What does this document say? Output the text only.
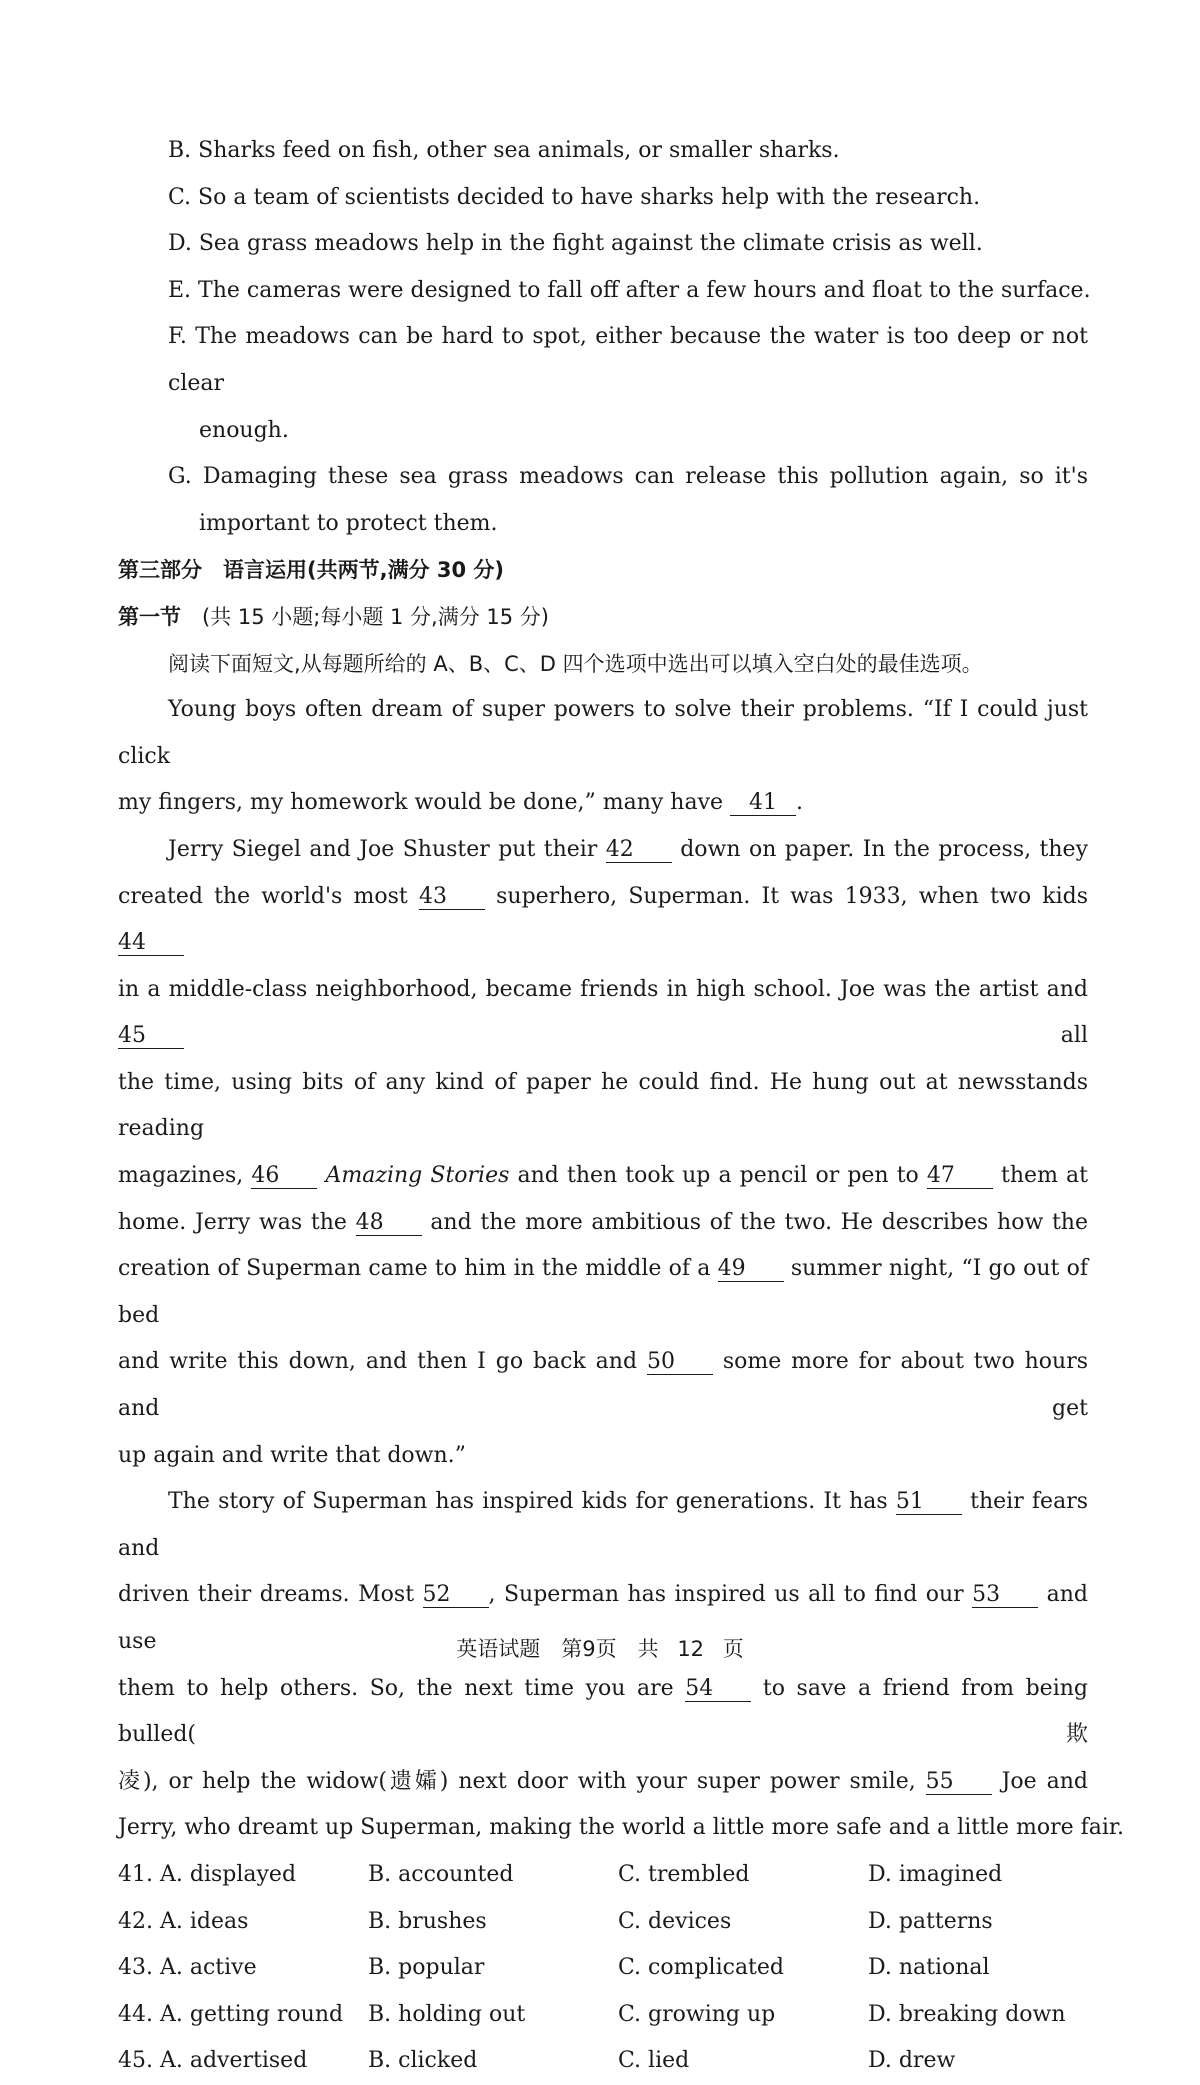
B. Sharks feed on fish, other sea animals, or smaller sharks.
C. So a team of scientists decided to have sharks help with the research.
D. Sea grass meadows help in the fight against the climate crisis as well.
E. The cameras were designed to fall off after a few hours and float to the surface.
F. The meadows can be hard to spot, either because the water is too deep or not clear
enough.
G. Damaging these sea grass meadows can release this pollution again, so it's
important to protect them.
第三部分　语言运用(共两节,满分 30 分)
第一节　(共 15 小题;每小题 1 分,满分 15 分)
阅读下面短文,从每题所给的 A、B、C、D 四个选项中选出可以填入空白处的最佳选项。
Young boys often dream of super powers to solve their problems. “If I could just click
my fingers, my homework would be done,” many have 41 .
Jerry Siegel and Joe Shuster put their 42 down on paper. In the process, they
created the world's most 43 superhero, Superman. It was 1933, when two kids 44
in a middle-class neighborhood, became friends in high school. Joe was the artist and 45 all
the time, using bits of any kind of paper he could find. He hung out at newsstands reading
magazines, 46 Amazing Stories and then took up a pencil or pen to 47 them at
home. Jerry was the 48 and the more ambitious of the two. He describes how the
creation of Superman came to him in the middle of a 49 summer night, “I go out of bed
and write this down, and then I go back and 50 some more for about two hours and get
up again and write that down.”
The story of Superman has inspired kids for generations. It has 51 their fears and
driven their dreams. Most 52 , Superman has inspired us all to find our 53 and use
them to help others. So, the next time you are 54 to save a friend from being bulled(欺
凌), or help the widow(遗孀) next door with your super power smile, 55 Joe and
Jerry, who dreamt up Superman, making the world a little more safe and a little more fair.
41. A. displayed	B. accounted	C. trembled	D. imagined
42. A. ideas	B. brushes	C. devices	D. patterns
43. A. active	B. popular	C. complicated	D. national
44. A. getting round	B. holding out	C. growing up	D. breaking down
45. A. advertised	B. clicked	C. lied	D. drew
英语试题　第9页　共 12 页
